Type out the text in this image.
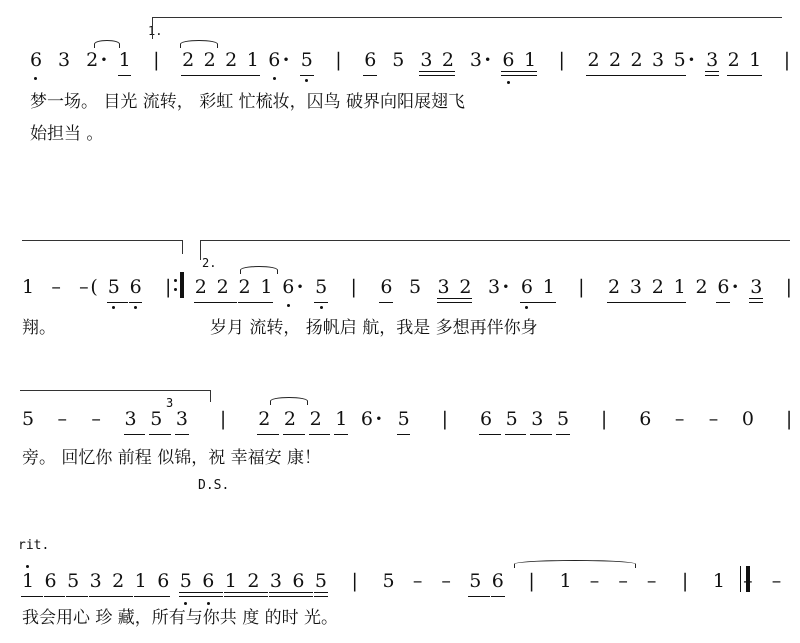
1.
6 3 2 · 1 | 2 2 2 1 6 · 5 | 6 5 3 2 3 · 6 1 | 2 2 2 3 5 · 3 2 1 |
梦一场。 目光 流转， 彩虹 忙梳妆，囚鸟 破界向阳展翅飞
始担当 。
2.
1 – – ( 5 6 | 2 2 2 1 6 · 5 | 6 5 3 2 3 · 6 1 | 2 3 2 1 2 6 · 3 |
翔。	岁月 流转， 扬帆启 航，我是 多想再伴你身
3
5 – – 3 5 3 | 2 2 2 1 6 · 5 | 6 5 3 5 | 6 – – 0 |
旁。 回忆你 前程 似锦，祝 幸福安 康！
D.S.
rit.
1 6 5 3 2 1 6 5 6 1 2 3 6 5 | 5 – – 5 6 | 1 – – – | 1 – –
我会用心 珍 藏，所有与你共 度 的时 光。
